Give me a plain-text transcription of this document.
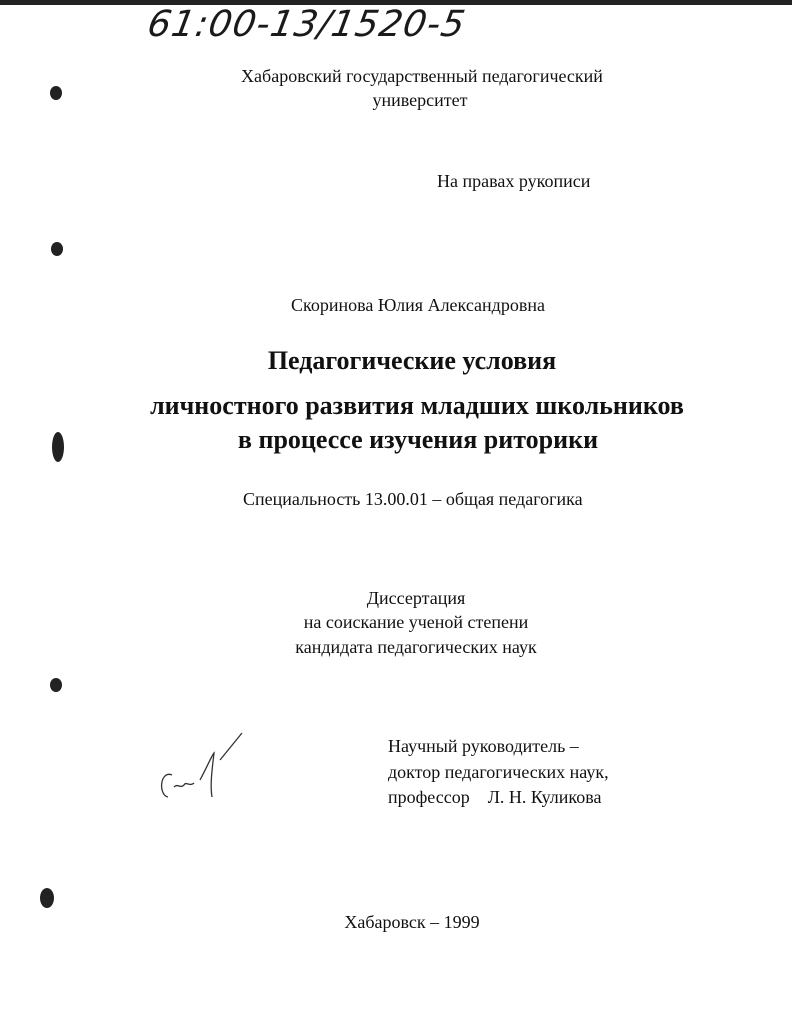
61:00-13/1520-5
Хабаровский государственный педагогический
университет
На правах рукописи
Скоринова Юлия Александровна
Педагогические условия
личностного развития младших школьников
в процессе изучения риторики
Специальность 13.00.01 – общая педагогика
Диссертация
на соискание ученой степени
кандидата педагогических наук
Научный руководитель –
доктор педагогических наук,
профессор    Л. Н. Куликова
Хабаровск – 1999
